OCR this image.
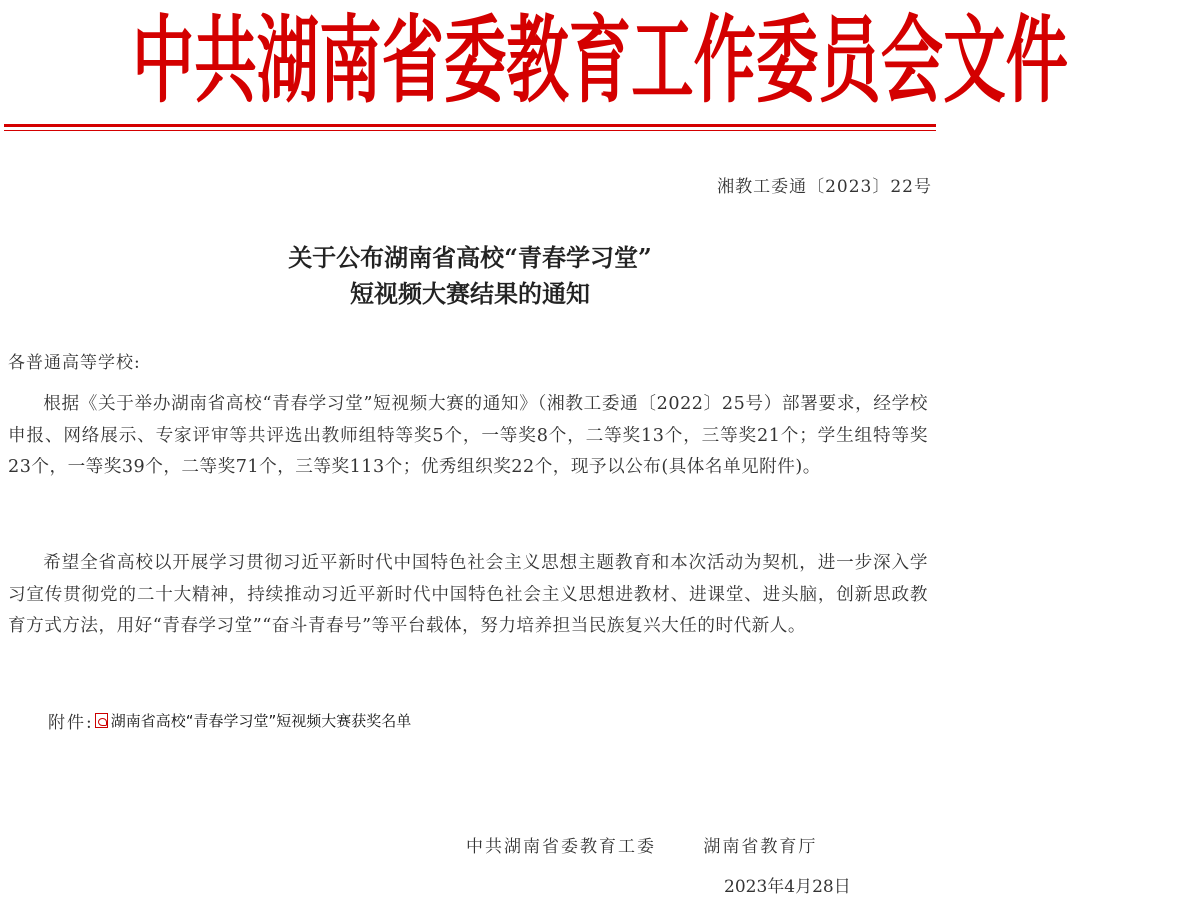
中共湖南省委教育工作委员会文件
湘教工委通〔2023〕22号
关于公布湖南省高校“青春学习堂”
短视频大赛结果的通知
各普通高等学校:
根据《关于举办湖南省高校“青春学习堂”短视频大赛的通知》（湘教工委通〔2022〕25号）部署要求，经学校申报、网络展示、专家评审等共评选出教师组特等奖5个，一等奖8个，二等奖13个，三等奖21个；学生组特等奖23个，一等奖39个，二等奖71个，三等奖113个；优秀组织奖22个，现予以公布(具体名单见附件)。
希望全省高校以开展学习贯彻习近平新时代中国特色社会主义思想主题教育和本次活动为契机，进一步深入学习宣传贯彻党的二十大精神，持续推动习近平新时代中国特色社会主义思想进教材、进课堂、进头脑，创新思政教育方式方法，用好“青春学习堂”“奋斗青春号”等平台载体，努力培养担当民族复兴大任的时代新人。
附件: 湖南省高校“青春学习堂”短视频大赛获奖名单
中共湖南省委教育工委	湖南省教育厅
2023年4月28日
